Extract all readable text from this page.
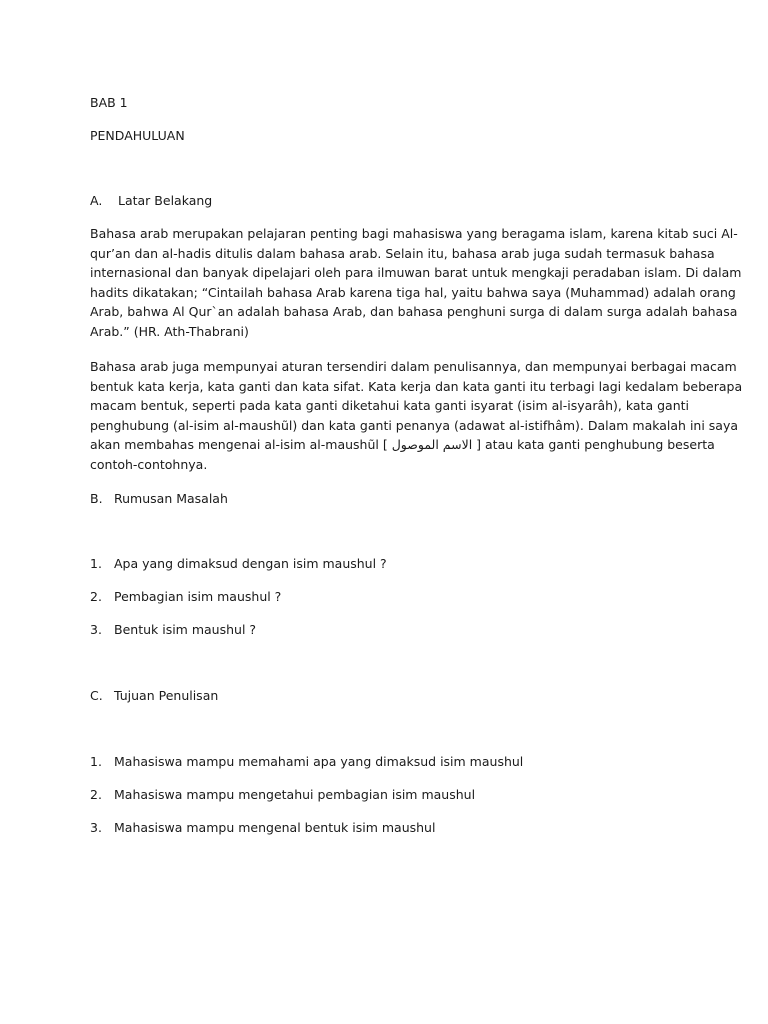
BAB 1
PENDAHULUAN
A. Latar Belakang
Bahasa arab merupakan pelajaran penting bagi mahasiswa yang beragama islam, karena kitab suci Al-
qur’an dan al-hadis ditulis dalam bahasa arab. Selain itu, bahasa arab juga sudah termasuk bahasa
internasional dan banyak dipelajari oleh para ilmuwan barat untuk mengkaji peradaban islam. Di dalam
hadits dikatakan; “Cintailah bahasa Arab karena tiga hal, yaitu bahwa saya (Muhammad) adalah orang
Arab, bahwa Al Qur`an adalah bahasa Arab, dan bahasa penghuni surga di dalam surga adalah bahasa
Arab.” (HR. Ath-Thabrani)
Bahasa arab juga mempunyai aturan tersendiri dalam penulisannya, dan mempunyai berbagai macam
bentuk kata kerja, kata ganti dan kata sifat. Kata kerja dan kata ganti itu terbagi lagi kedalam beberapa
macam bentuk, seperti pada kata ganti diketahui kata ganti isyarat (isim al-isyarâh), kata ganti
penghubung (al-isim al-maushũl) dan kata ganti penanya (adawat al-istifhâm). Dalam makalah ini saya
akan membahas mengenai al-isim al-maushũl [ الاسم الموصول ] atau kata ganti penghubung beserta
contoh-contohnya.
B. Rumusan Masalah
1. Apa yang dimaksud dengan isim maushul ?
2. Pembagian isim maushul ?
3. Bentuk isim maushul ?
C. Tujuan Penulisan
1. Mahasiswa mampu memahami apa yang dimaksud isim maushul
2. Mahasiswa mampu mengetahui pembagian isim maushul
3. Mahasiswa mampu mengenal bentuk isim maushul
